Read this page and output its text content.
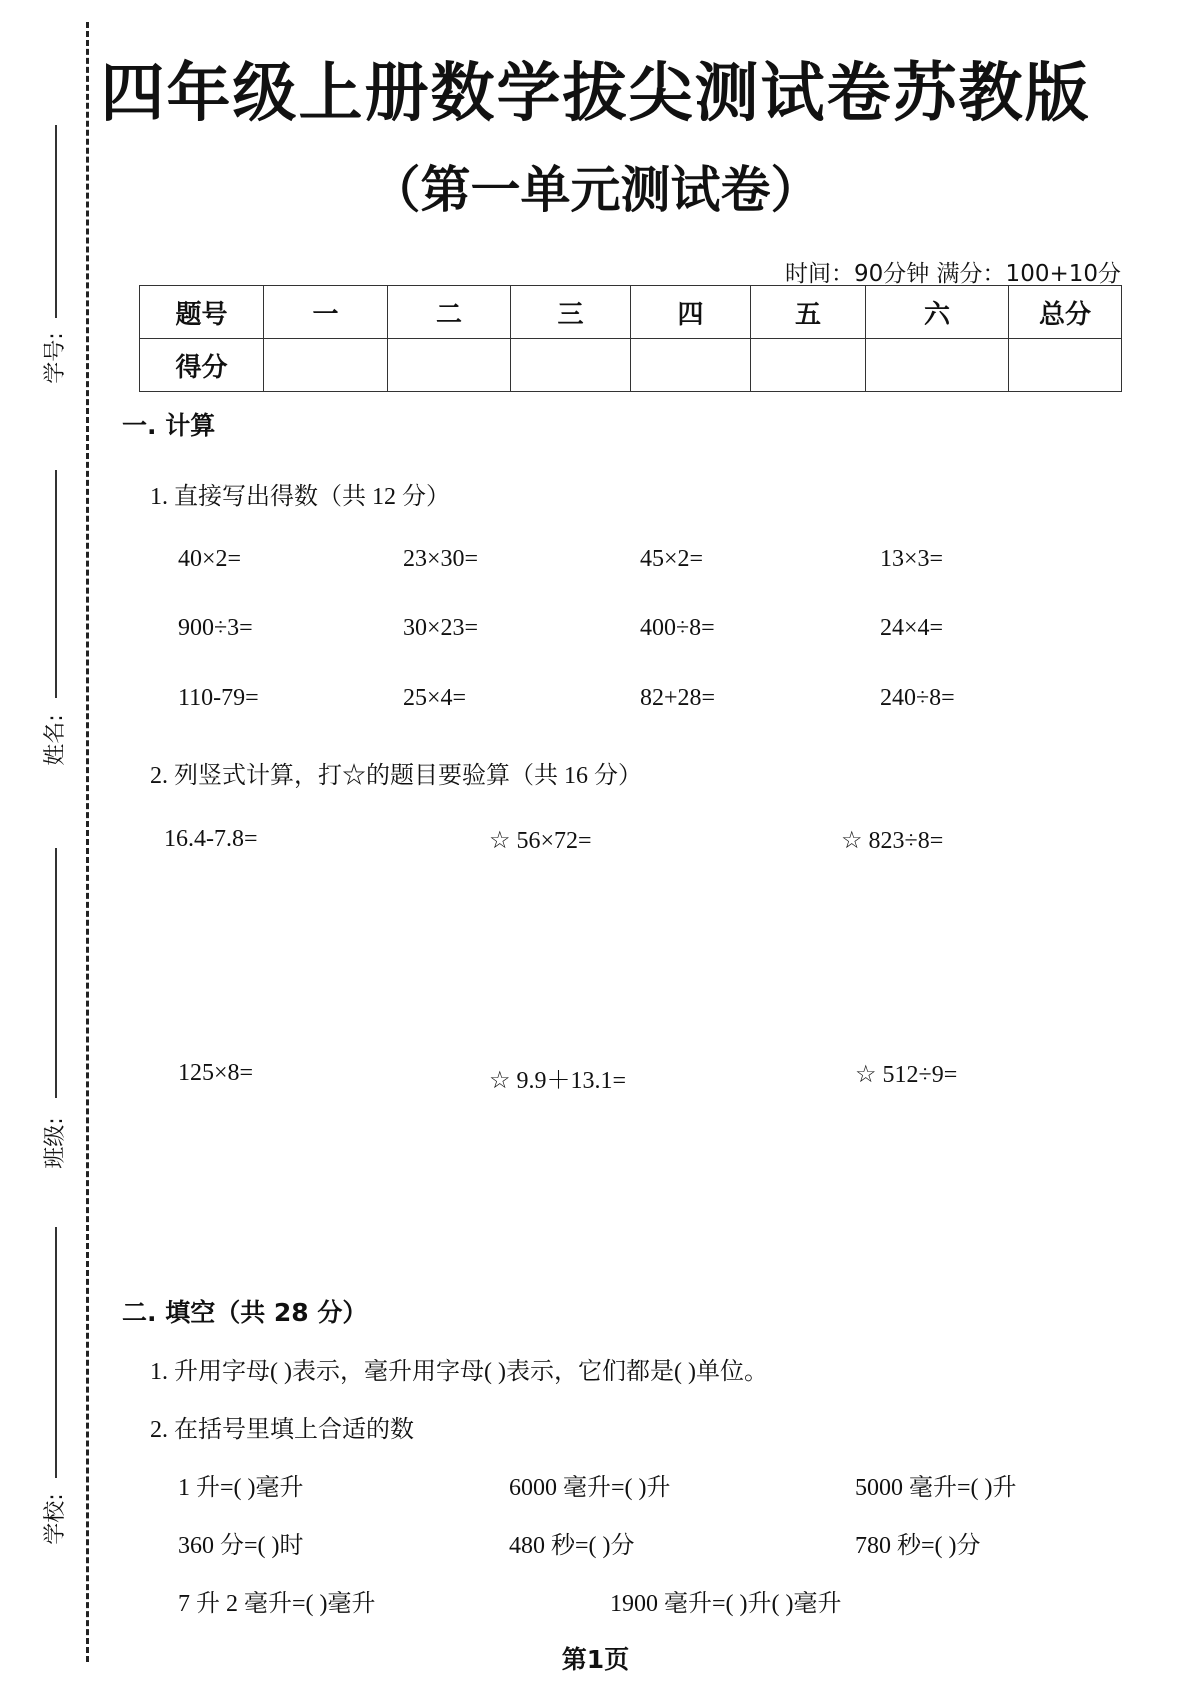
学号:
姓名:
班级:
学校:
四年级上册数学拔尖测试卷苏教版
（第一单元测试卷）
时间：90分钟 满分：100+10分
题号	一	二	三	四	五	六	总分
得分							
一. 计算
1. 直接写出得数（共 12 分）
40×2=	23×30=	45×2=	13×3=
900÷3=	30×23=	400÷8=	24×4=
110-79=	25×4=	82+28=	240÷8=
2. 列竖式计算，打☆的题目要验算（共 16 分）
16.4-7.8=	☆ 56×72=	☆ 823÷8=
125×8=	☆ 9.9＋13.1=	☆ 512÷9=
二. 填空（共 28 分）
1. 升用字母( )表示，毫升用字母( )表示，它们都是( )单位。
2. 在括号里填上合适的数
1 升=( )毫升	6000 毫升=( )升	5000 毫升=( )升
360 分=( )时	480 秒=( )分	780 秒=( )分
7 升 2 毫升=( )毫升	1900 毫升=( )升( )毫升
第1页
